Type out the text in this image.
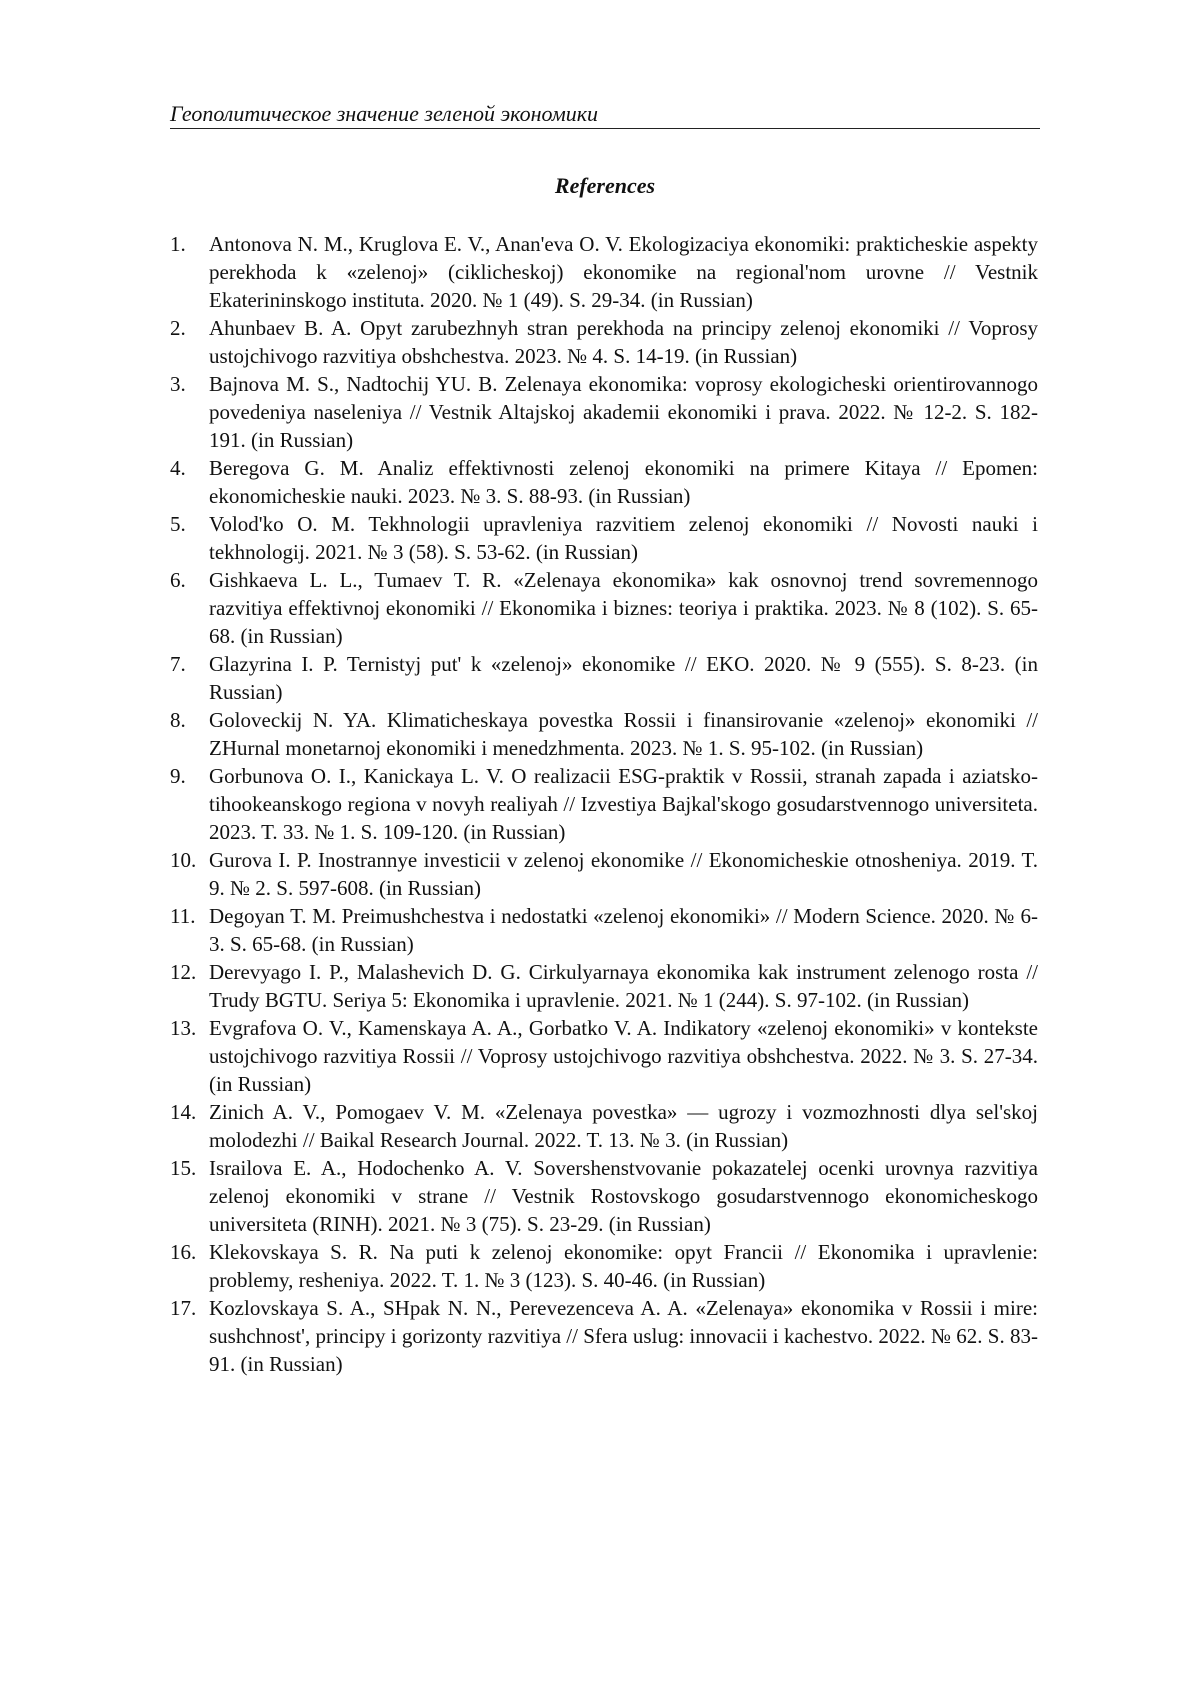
Геополитическое значение зеленой экономики
References
1.	Antonova N. M., Kruglova E. V., Anan'eva O. V. Ekologizaciya ekonomiki: prakticheskie aspekty perekhoda k «zelenoj» (ciklicheskoj) ekonomike na regional'nom urovne // Vestnik Ekaterininskogo instituta. 2020. № 1 (49). S. 29-34. (in Russian)
2.	Ahunbaev B. A. Opyt zarubezhnyh stran perekhoda na principy zelenoj ekonomiki // Voprosy ustojchivogo razvitiya obshchestva. 2023. № 4. S. 14-19. (in Russian)
3.	Bajnova M. S., Nadtochij YU. B. Zelenaya ekonomika: voprosy ekologicheski orientirovannogo povedeniya naseleniya // Vestnik Altajskoj akademii ekonomiki i prava. 2022. № 12-2. S. 182-191. (in Russian)
4.	Beregova G. M. Analiz effektivnosti zelenoj ekonomiki na primere Kitaya // Epomen: ekonomicheskie nauki. 2023. № 3. S. 88-93. (in Russian)
5.	Volod'ko O. M. Tekhnologii upravleniya razvitiem zelenoj ekonomiki // Novosti nauki i tekhnologij. 2021. № 3 (58). S. 53-62. (in Russian)
6.	Gishkaeva L. L., Tumaev T. R. «Zelenaya ekonomika» kak osnovnoj trend sovremennogo razvitiya effektivnoj ekonomiki // Ekonomika i biznes: teoriya i praktika. 2023. № 8 (102). S. 65-68. (in Russian)
7.	Glazyrina I. P. Ternistyj put' k «zelenoj» ekonomike // EKO. 2020. № 9 (555). S. 8-23. (in Russian)
8.	Goloveckij N. YA. Klimaticheskaya povestka Rossii i finansirovanie «zelenoj» ekonomiki // ZHurnal monetarnoj ekonomiki i menedzhmenta. 2023. № 1. S. 95-102. (in Russian)
9.	Gorbunova O. I., Kanickaya L. V. O realizacii ESG-praktik v Rossii, stranah zapada i aziatsko-tihookeanskogo regiona v novyh realiyah // Izvestiya Bajkal'skogo gosudarstvennogo universiteta. 2023. T. 33. № 1. S. 109-120. (in Russian)
10. Gurova I. P. Inostrannye investicii v zelenoj ekonomike // Ekonomicheskie otnosheniya. 2019. T. 9. № 2. S. 597-608. (in Russian)
11. Degoyan T. M. Preimushchestva i nedostatki «zelenoj ekonomiki» // Modern Science. 2020. № 6-3. S. 65-68. (in Russian)
12. Derevyago I. P., Malashevich D. G. Cirkulyarnaya ekonomika kak instrument zelenogo rosta // Trudy BGTU. Seriya 5: Ekonomika i upravlenie. 2021. № 1 (244). S. 97-102. (in Russian)
13. Evgrafova O. V., Kamenskaya A. A., Gorbatko V. A. Indikatory «zelenoj ekonomiki» v kontekste ustojchivogo razvitiya Rossii // Voprosy ustojchivogo razvitiya obshchestva. 2022. № 3. S. 27-34. (in Russian)
14. Zinich A. V., Pomogaev V. M. «Zelenaya povestka» — ugrozy i vozmozhnosti dlya sel'skoj molodezhi // Baikal Research Journal. 2022. T. 13. № 3. (in Russian)
15. Israilova E. A., Hodochenko A. V. Sovershenstvovanie pokazatelej ocenki urovnya razvitiya zelenoj ekonomiki v strane // Vestnik Rostovskogo gosudarstvennogo ekonomicheskogo universiteta (RINH). 2021. № 3 (75). S. 23-29. (in Russian)
16. Klekovskaya S. R. Na puti k zelenoj ekonomike: opyt Francii // Ekonomika i upravlenie: problemy, resheniya. 2022. T. 1. № 3 (123). S. 40-46. (in Russian)
17. Kozlovskaya S. A., SHpak N. N., Perevezenceva A. A. «Zelenaya» ekonomika v Rossii i mire: sushchnost', principy i gorizonty razvitiya // Sfera uslug: innovacii i kachestvo. 2022. № 62. S. 83-91. (in Russian)
